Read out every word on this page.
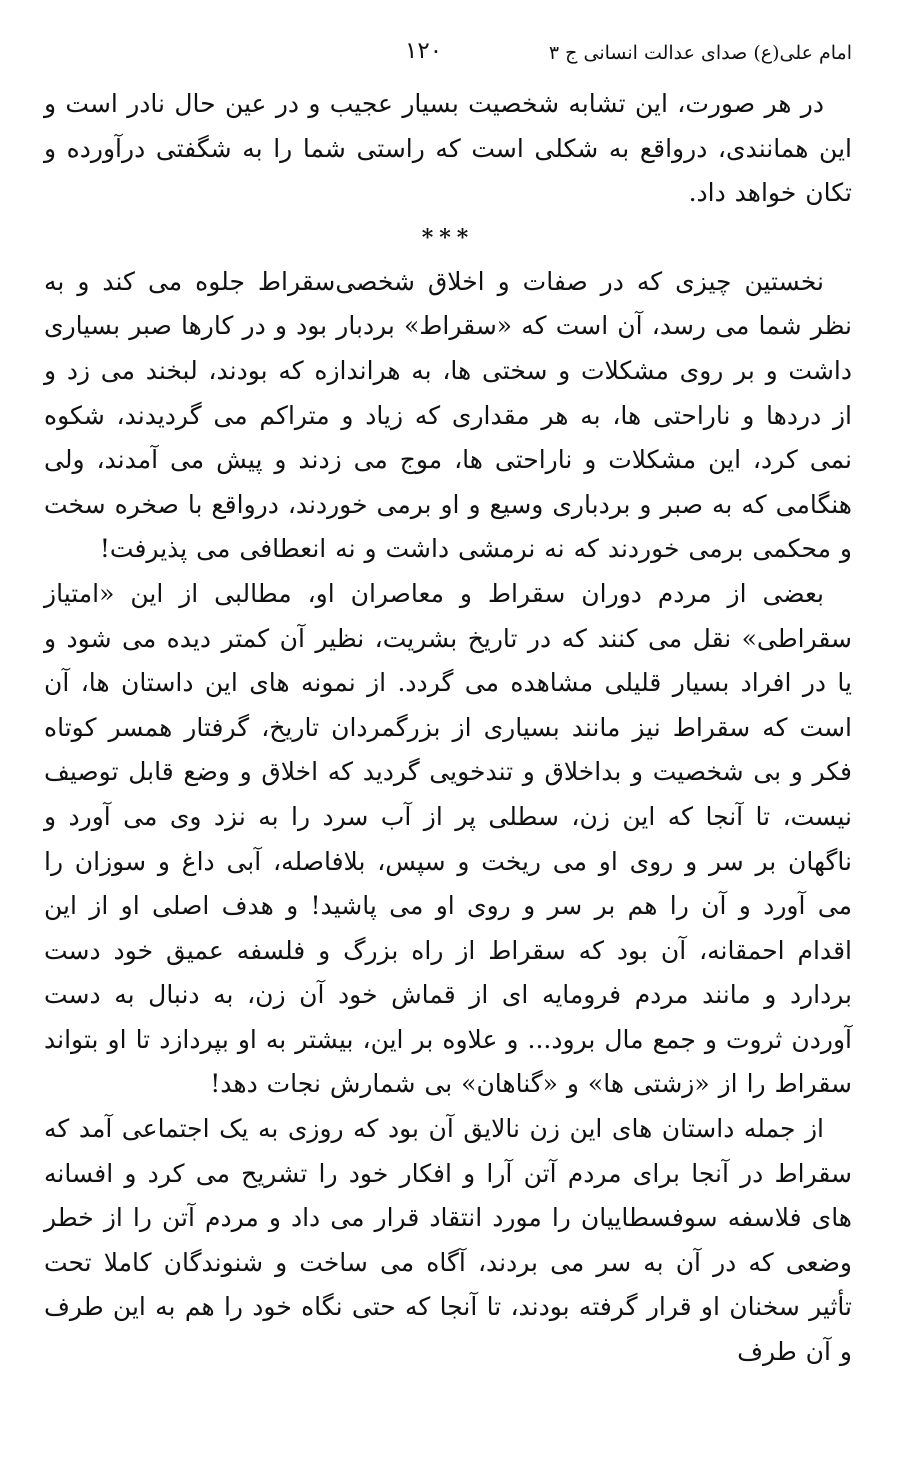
امام علی(ع) صدای عدالت انسانی ج ۳
۱۲۰

در هر صورت، این تشابه شخصیت بسیار عجیب و در عین حال نادر است و این همانندی، درواقع به شکلی است که راستی شما را به شگفتی درآورده و تکان خواهد داد.

***

نخستین چیزی که در صفات و اخلاق شخصی‌سقراط جلوه می کند و به نظر شما می رسد، آن است که «سقراط» بردبار بود و در کارها صبر بسیاری داشت و بر روی مشکلات و سختی ها، به هراندازه که بودند، لبخند می زد و از دردها و ناراحتی ها، به هر مقداری که زیاد و متراکم می گردیدند، شکوه نمی کرد، این مشکلات و ناراحتی ها، موج می زدند و پیش می آمدند، ولی هنگامی که به صبر و بردباری وسیع و او برمی خوردند، درواقع با صخره سخت و محکمی برمی خوردند که نه نرمشی داشت و نه انعطافی می پذیرفت!

بعضی از مردم دوران سقراط و معاصران او، مطالبی از این «امتیاز سقراطی» نقل می کنند که در تاریخ بشریت، نظیر آن کمتر دیده می شود و یا در افراد بسیار قلیلی مشاهده می گردد. از نمونه های این داستان ها، آن است که سقراط نیز مانند بسیاری از بزرگمردان تاریخ، گرفتار همسر کوتاه فکر و بی شخصیت و بداخلاق و تندخویی گردید که اخلاق و وضع قابل توصیف نیست، تا آنجا که این زن، سطلی پر از آب سرد را به نزد وی می آورد و ناگهان بر سر و روی او می ریخت و سپس، بلافاصله، آبی داغ و سوزان را می آورد و آن را هم بر سر و روی او می پاشید! و هدف اصلی او از این اقدام احمقانه، آن بود که سقراط از راه بزرگ و فلسفه عمیق خود دست بردارد و مانند مردم فرومایه ای از قماش خود آن زن، به دنبال به دست آوردن ثروت و جمع مال برود... و علاوه بر این، بیشتر به او بپردازد تا او بتواند سقراط را از «زشتی ها» و «گناهان» بی شمارش نجات دهد!

از جمله داستان های این زن نالایق آن بود که روزی به یک اجتماعی آمد که سقراط در آنجا برای مردم آتن آرا و افکار خود را تشریح می کرد و افسانه های فلاسفه سوفسطاییان را مورد انتقاد قرار می داد و مردم آتن را از خطر وضعی که در آن به سر می بردند، آگاه می ساخت و شنوندگان کاملا تحت تأثیر سخنان او قرار گرفته بودند، تا آنجا که حتی نگاه خود را هم به این طرف و آن طرف
